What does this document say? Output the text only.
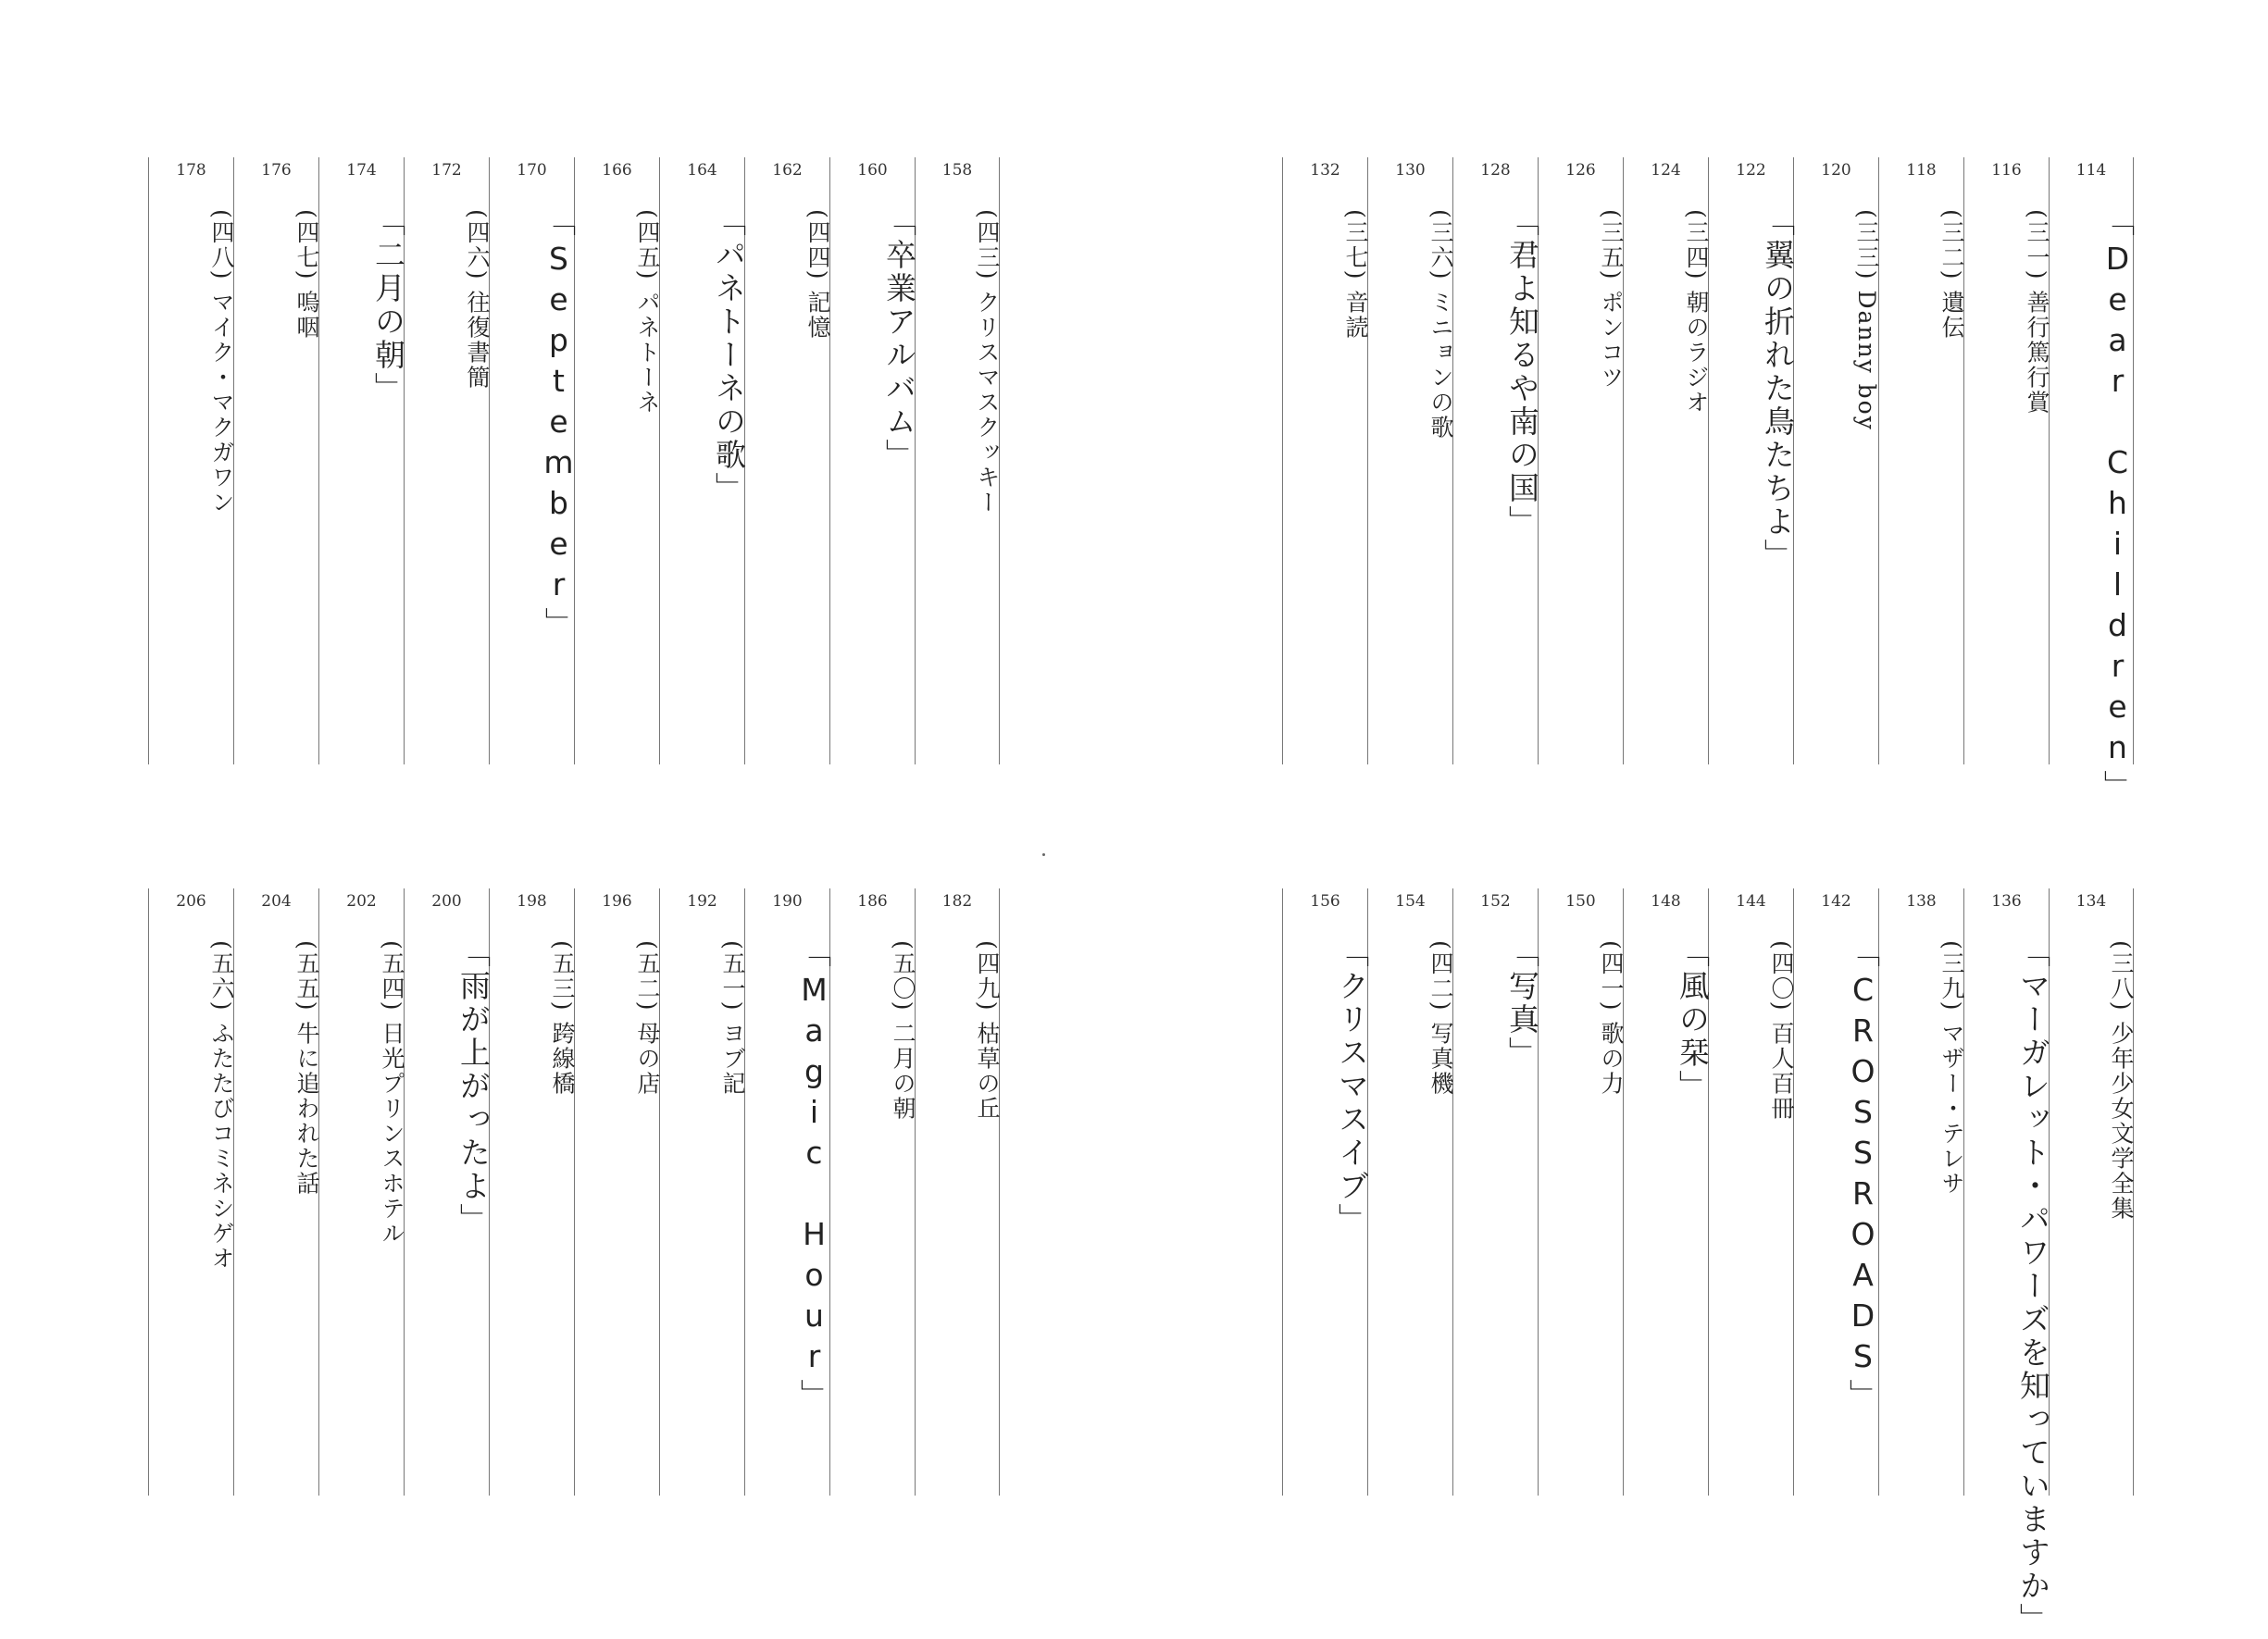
114
「Dear Children」
116
(三一) 善行篤行賞
118
(三二) 遺伝
120
(三三) Danny boy
122
「翼の折れた鳥たちよ」
124
(三四) 朝のラジオ
126
(三五) ポンコツ
128
「君よ知るや南の国」
130
(三六) ミニョンの歌
132
(三七) 音読
158
(四三) クリスマスクッキー
160
「卒業アルバム」
162
(四四) 記憶
164
「パネトーネの歌」
166
(四五) パネトーネ
170
「September」
172
(四六) 往復書簡
174
「二月の朝」
176
(四七) 嗚咽
178
(四八) マイク・マクガワン
134
(三八) 少年少女文学全集
136
「マーガレット・パワーズを知っていますか」
138
(三九) マザー・テレサ
142
「CROSSROADS」
144
(四〇) 百人百冊
148
「風の栞」
150
(四一) 歌の力
152
「写真」
154
(四二) 写真機
156
「クリスマスイブ」
182
(四九) 枯草の丘
186
(五〇) 二月の朝
190
「Magic Hour」
192
(五一) ヨブ記
196
(五二) 母の店
198
(五三) 跨線橋
200
「雨が上がったよ」
202
(五四) 日光プリンスホテル
204
(五五) 牛に追われた話
206
(五六) ふたたびコミネシゲオ
